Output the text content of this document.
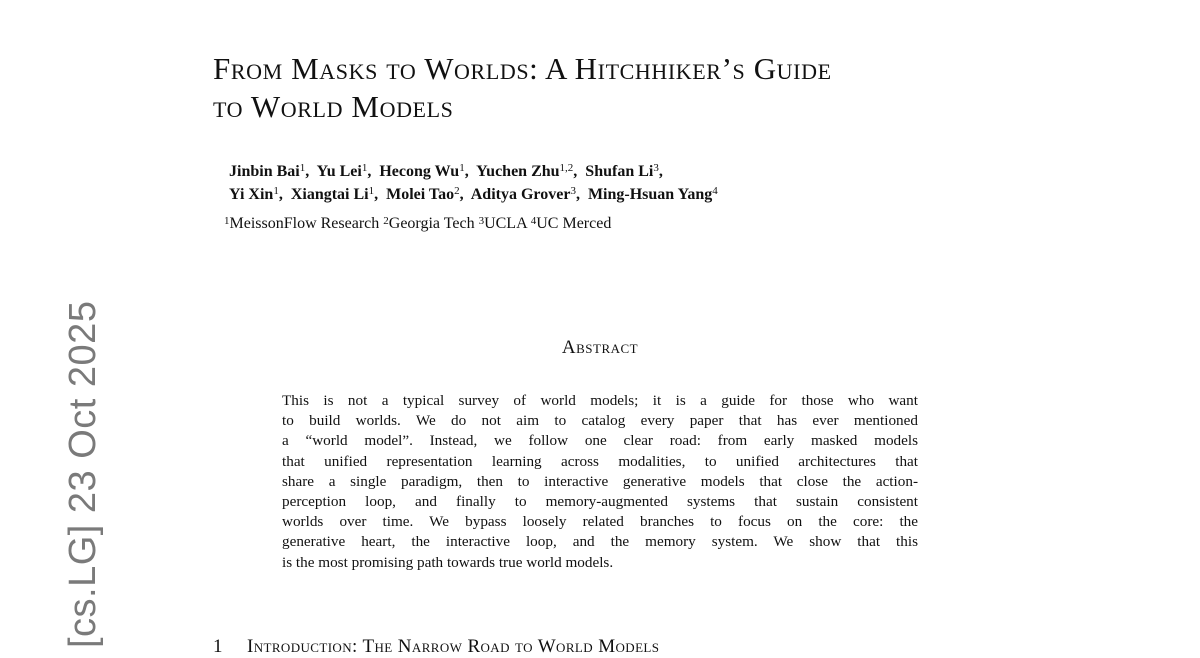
[cs.LG] 23 Oct 2025
From Masks to Worlds: A Hitchhiker’s Guide
to World Models
Jinbin Bai$^1$,  Yu Lei$^1$,  Hecong Wu$^1$,  Yuchen Zhu$^{1,2}$,  Shufan Li$^3$,
Yi Xin$^1$,  Xiangtai Li$^1$,  Molei Tao$^2$,  Aditya Grover$^3$,  Ming-Hsuan Yang$^4$
$^1$MeissonFlow Research $^2$Georgia Tech $^3$UCLA $^4$UC Merced
Abstract
This is not a typical survey of world models; it is a guide for those who want
to build worlds. We do not aim to catalog every paper that has ever mentioned
a “world model”. Instead, we follow one clear road: from early masked models
that unified representation learning across modalities, to unified architectures that
share a single paradigm, then to interactive generative models that close the action-
perception loop, and finally to memory-augmented systems that sustain consistent
worlds over time. We bypass loosely related branches to focus on the core: the
generative heart, the interactive loop, and the memory system. We show that this
is the most promising path towards true world models.
1 Introduction: The Narrow Road to World Models
